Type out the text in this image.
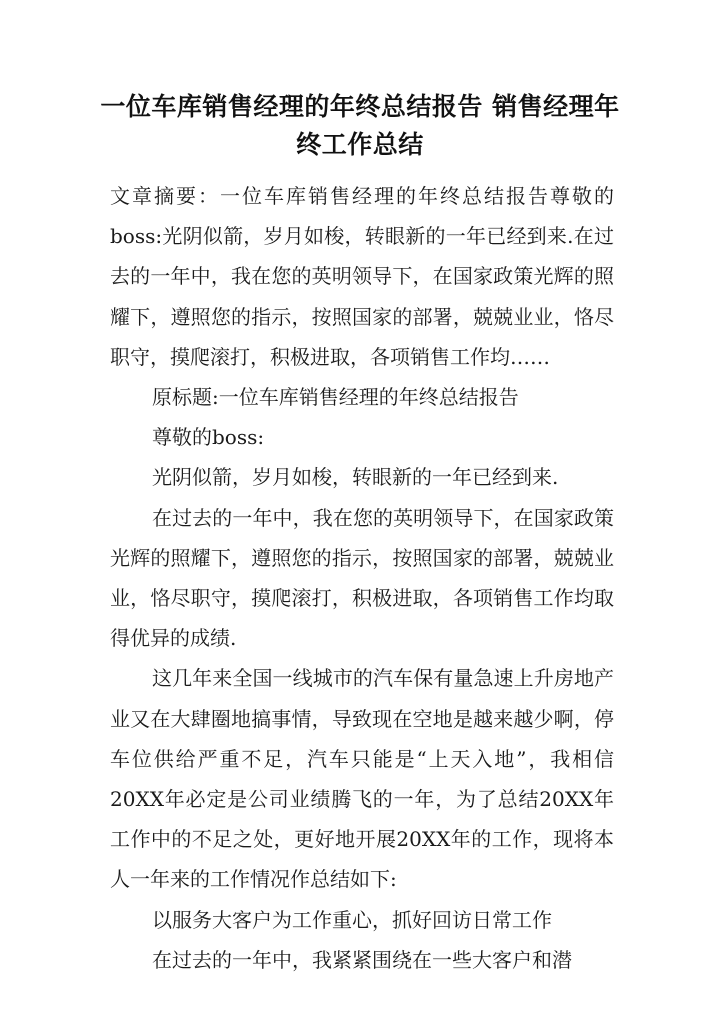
一位车库销售经理的年终总结报告 销售经理年终工作总结

文章摘要：一位车库销售经理的年终总结报告尊敬的boss:光阴似箭，岁月如梭，转眼新的一年已经到来.在过去的一年中，我在您的英明领导下，在国家政策光辉的照耀下，遵照您的指示，按照国家的部署，兢兢业业，恪尽职守，摸爬滚打，积极进取，各项销售工作均……

原标题:一位车库销售经理的年终总结报告

尊敬的boss:

光阴似箭，岁月如梭，转眼新的一年已经到来.

在过去的一年中，我在您的英明领导下，在国家政策光辉的照耀下，遵照您的指示，按照国家的部署，兢兢业业，恪尽职守，摸爬滚打，积极进取，各项销售工作均取得优异的成绩.

这几年来全国一线城市的汽车保有量急速上升房地产业又在大肆圈地搞事情，导致现在空地是越来越少啊，停车位供给严重不足，汽车只能是“上天入地”，我相信20XX年必定是公司业绩腾飞的一年，为了总结20XX年工作中的不足之处，更好地开展20XX年的工作，现将本人一年来的工作情况作总结如下:

以服务大客户为工作重心，抓好回访日常工作

在过去的一年中，我紧紧围绕在一些大客户和潜
